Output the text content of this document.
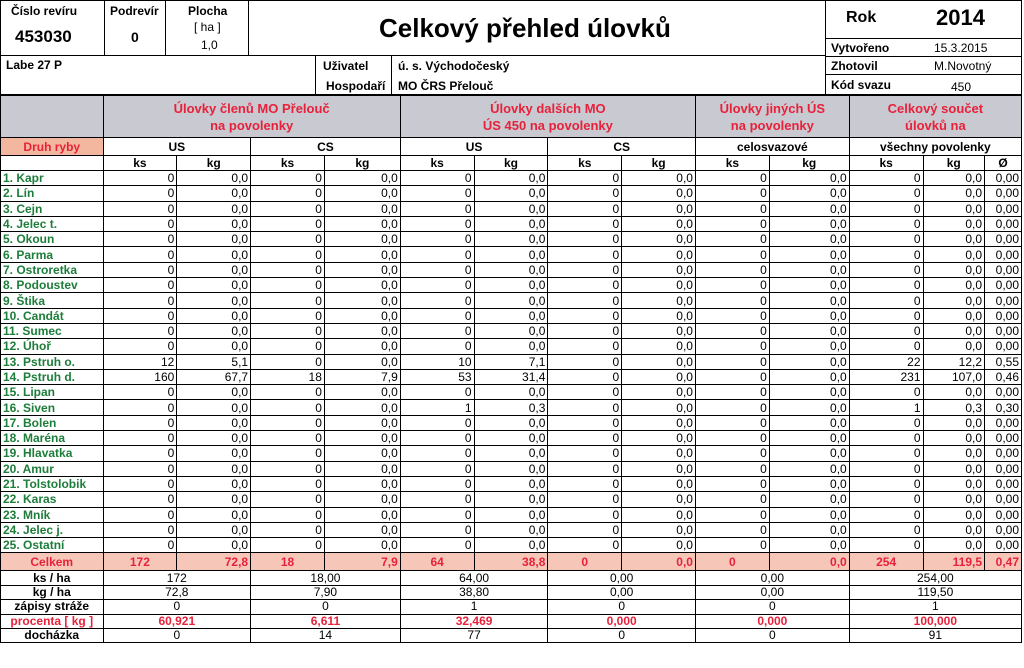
Číslo revíru
453030
Podrevír
0
Plocha
[ ha ]
1,0
Celkový přehled úlovků	Rok	2014
Vytvořeno	15.3.2015
Labe 27 P	Uživatel
Hospodaří
ú. s. Východočeský
MO ČRS Přelouč
Zhotovil	M.Novotný
Kód svazu	450
	Úlovky členů MO Přelouč
na povolenky				Úlovky dalších MO
ÚS 450 na povolenky				Úlovky jiných ÚS
na povolenky		Celkový součet
úlovků na		
Druh ryby	US		CS		US		CS		celosvazové		všechny povolenky		
	ks	kg	ks	kg	ks	kg	ks	kg	ks	kg	ks	kg	Ø
1. Kapr	0	0,0	0	0,0	0	0,0	0	0,0	0	0,0	0	0,0	0,00
2. Lín	0	0,0	0	0,0	0	0,0	0	0,0	0	0,0	0	0,0	0,00
3. Cejn	0	0,0	0	0,0	0	0,0	0	0,0	0	0,0	0	0,0	0,00
4. Jelec t.	0	0,0	0	0,0	0	0,0	0	0,0	0	0,0	0	0,0	0,00
5. Okoun	0	0,0	0	0,0	0	0,0	0	0,0	0	0,0	0	0,0	0,00
6. Parma	0	0,0	0	0,0	0	0,0	0	0,0	0	0,0	0	0,0	0,00
7. Ostroretka	0	0,0	0	0,0	0	0,0	0	0,0	0	0,0	0	0,0	0,00
8. Podoustev	0	0,0	0	0,0	0	0,0	0	0,0	0	0,0	0	0,0	0,00
9. Štika	0	0,0	0	0,0	0	0,0	0	0,0	0	0,0	0	0,0	0,00
10. Candát	0	0,0	0	0,0	0	0,0	0	0,0	0	0,0	0	0,0	0,00
11. Sumec	0	0,0	0	0,0	0	0,0	0	0,0	0	0,0	0	0,0	0,00
12. Úhoř	0	0,0	0	0,0	0	0,0	0	0,0	0	0,0	0	0,0	0,00
13. Pstruh o.	12	5,1	0	0,0	10	7,1	0	0,0	0	0,0	22	12,2	0,55
14. Pstruh d.	160	67,7	18	7,9	53	31,4	0	0,0	0	0,0	231	107,0	0,46
15. Lipan	0	0,0	0	0,0	0	0,0	0	0,0	0	0,0	0	0,0	0,00
16. Siven	0	0,0	0	0,0	1	0,3	0	0,0	0	0,0	1	0,3	0,30
17. Bolen	0	0,0	0	0,0	0	0,0	0	0,0	0	0,0	0	0,0	0,00
18. Maréna	0	0,0	0	0,0	0	0,0	0	0,0	0	0,0	0	0,0	0,00
19. Hlavatka	0	0,0	0	0,0	0	0,0	0	0,0	0	0,0	0	0,0	0,00
20. Amur	0	0,0	0	0,0	0	0,0	0	0,0	0	0,0	0	0,0	0,00
21. Tolstolobik	0	0,0	0	0,0	0	0,0	0	0,0	0	0,0	0	0,0	0,00
22. Karas	0	0,0	0	0,0	0	0,0	0	0,0	0	0,0	0	0,0	0,00
23. Mník	0	0,0	0	0,0	0	0,0	0	0,0	0	0,0	0	0,0	0,00
24. Jelec j.	0	0,0	0	0,0	0	0,0	0	0,0	0	0,0	0	0,0	0,00
25. Ostatní	0	0,0	0	0,0	0	0,0	0	0,0	0	0,0	0	0,0	0,00
Celkem	172	72,8	18	7,9	64	38,8	0	0,0	0	0,0	254	119,5	0,47
ks / ha	172		18,00		64,00		0,00		0,00		254,00		
kg / ha	72,8		7,90		38,80		0,00		0,00		119,50		
zápisy stráže	0		0		1		0		0		1		
procenta [ kg ]	60,921		6,611		32,469		0,000		0,000		100,000		
docházka	0		14		77		0		0		91		
